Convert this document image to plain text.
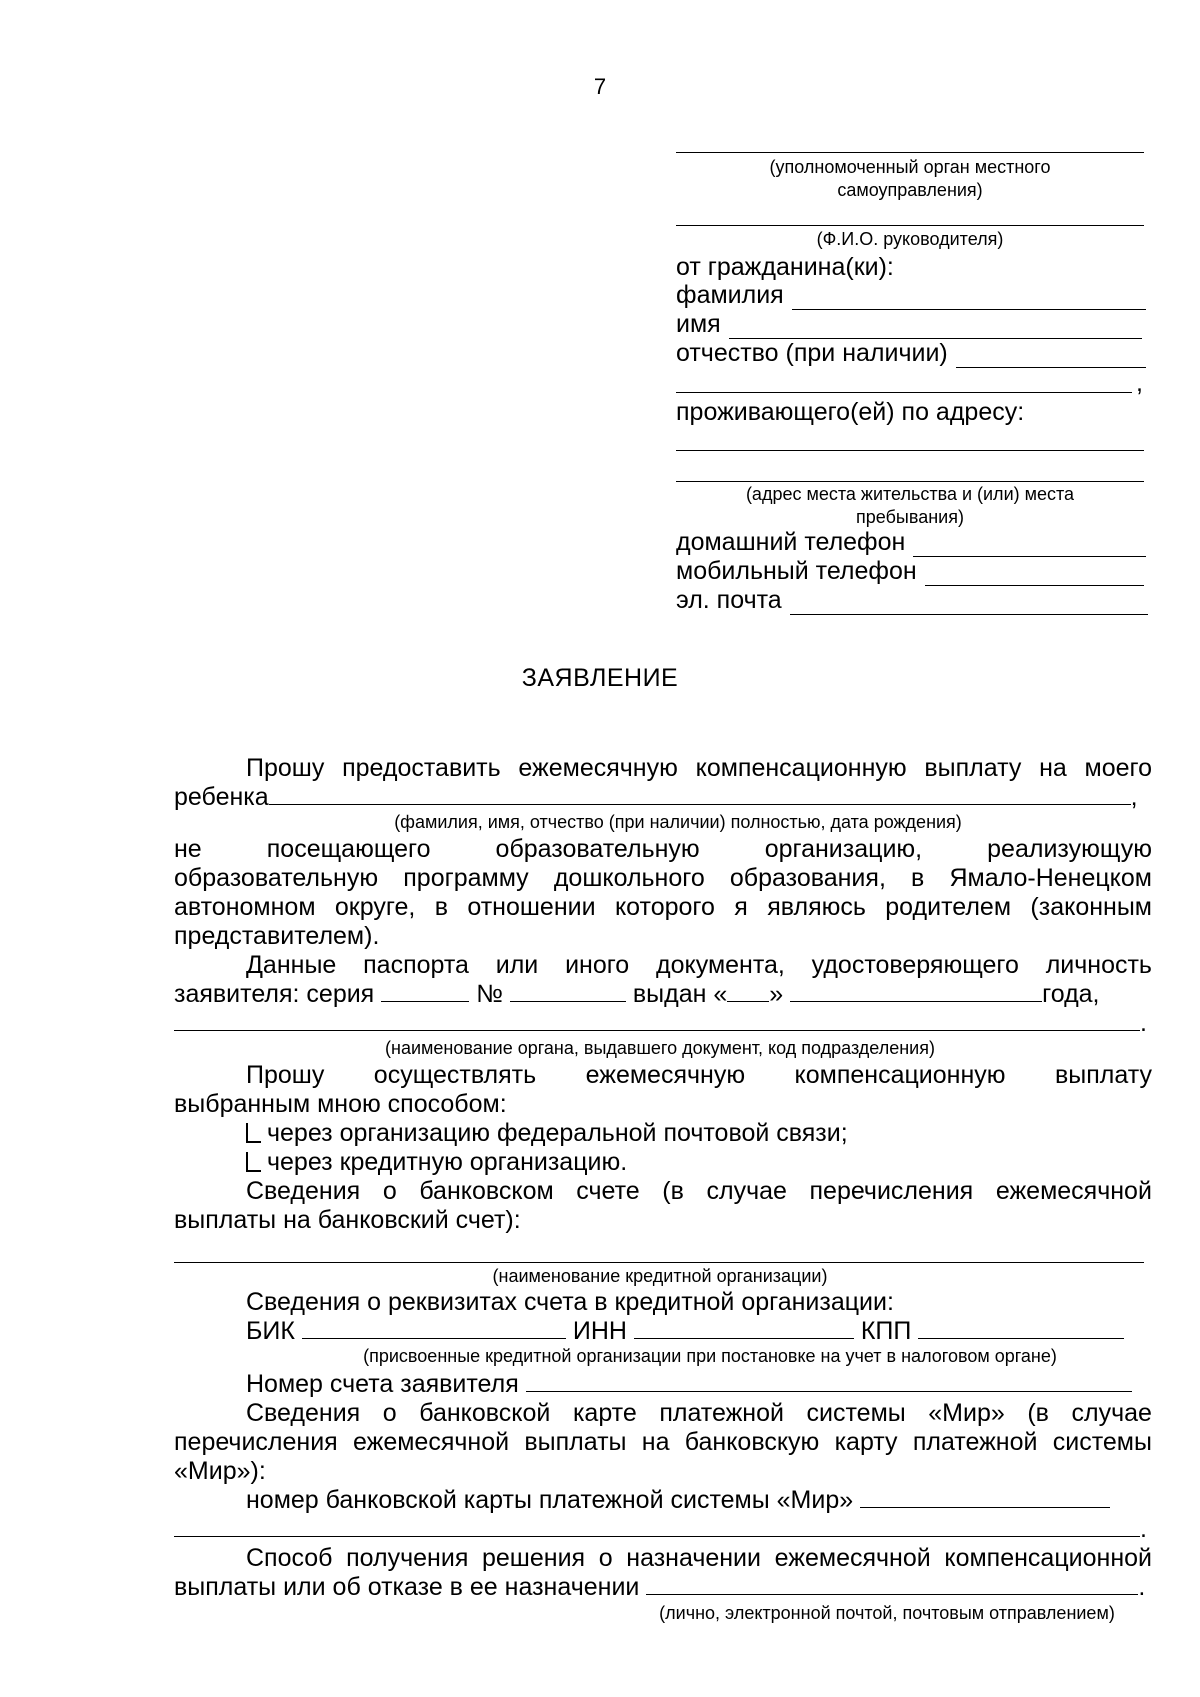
7
(уполномоченный орган местного
самоуправления)
(Ф.И.О. руководителя)
от гражданина(ки):
фамилия
имя
отчество (при наличии)
,
проживающего(ей) по адресу:
(адрес места жительства и (или) места
пребывания)
домашний телефон
мобильный телефон
эл. почта
ЗАЯВЛЕНИЕ
Прошу предоставить ежемесячную компенсационную выплату на моего
ребенка	,
(фамилия, имя, отчество (при наличии) полностью, дата рождения)
не	посещающего	образовательную	организацию,	реализующую
образовательную программу дошкольного образования, в Ямало-Ненецком
автономном округе, в отношении которого я являюсь родителем (законным
представителем).
Данные паспорта или иного документа, удостоверяющего личность
заявителя: серия	№	выдан « »	года,
.
(наименование органа, выдавшего документ, код подразделения)
Прошу осуществлять ежемесячную компенсационную выплату
выбранным мною способом:
через организацию федеральной почтовой связи;
через кредитную организацию.
Сведения о банковском счете (в случае перечисления ежемесячной
выплаты на банковский счет):
(наименование кредитной организации)
Сведения о реквизитах счета в кредитной организации:
БИК	ИНН	КПП
(присвоенные кредитной организации при постановке на учет в налоговом органе)
Номер счета заявителя
Сведения о банковской карте платежной системы «Мир» (в случае
перечисления ежемесячной выплаты на банковскую карту платежной системы
«Мир»):
номер банковской карты платежной системы «Мир»
.
Способ получения решения о назначении ежемесячной компенсационной
выплаты или об отказе в ее назначении	.
(лично, электронной почтой, почтовым отправлением)
